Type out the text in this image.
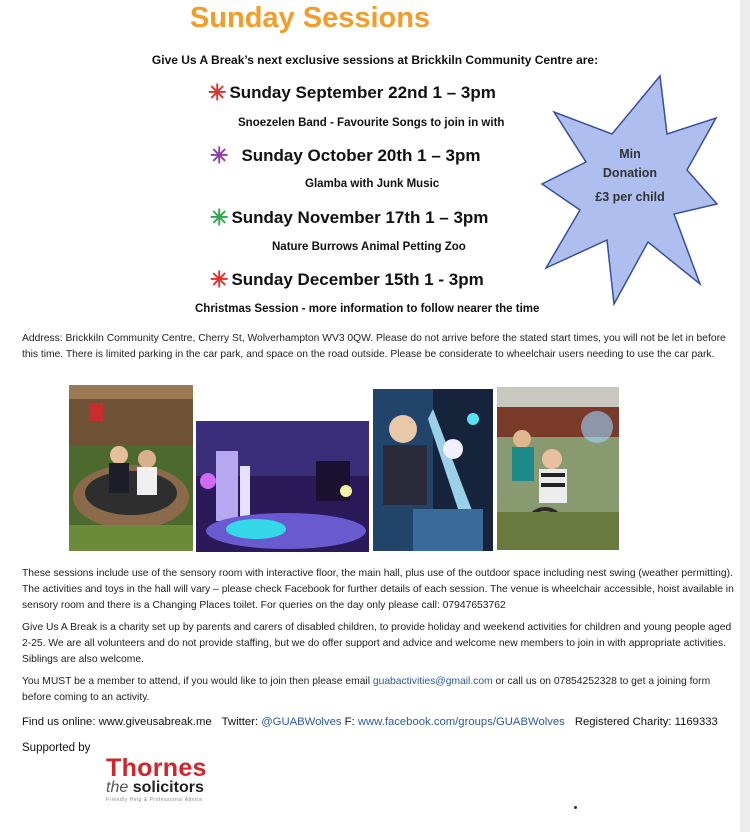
Sunday Sessions
Give Us A Break’s next exclusive sessions at Brickkiln Community Centre are:
✳ Sunday September 22nd 1 – 3pm
Snoezelen Band - Favourite Songs to join in with
✳ Sunday October 20th 1 – 3pm
Glamba with Junk Music
✳ Sunday November 17th 1 – 3pm
Nature Burrows Animal Petting Zoo
✳ Sunday December 15th 1 - 3pm
Christmas Session - more information to follow nearer the time
Min
Donation
£3 per child
Address: Brickkiln Community Centre, Cherry St, Wolverhampton WV3 0QW. Please do not arrive before the stated start times, you will not be let in before this time. There is limited parking in the car park, and space on the road outside. Please be considerate to wheelchair users needing to use the car park.
These sessions include use of the sensory room with interactive floor, the main hall, plus use of the outdoor space including nest swing (weather permitting). The activities and toys in the hall will vary – please check Facebook for further details of each session. The venue is wheelchair accessible, hoist available in sensory room and there is a Changing Places toilet. For queries on the day only please call: 07947653762
Give Us A Break is a charity set up by parents and carers of disabled children, to provide holiday and weekend activities for children and young people aged 2-25. We are all volunteers and do not provide staffing, but we do offer support and advice and welcome new members to join in with appropriate activities. Siblings are also welcome.
You MUST be a member to attend, if you would like to join then please email guabactivities@gmail.com or call us on 07854252328 to get a joining form before coming to an activity.
Find us online: www.giveusabreak.me Twitter: @GUABWolves F: www.facebook.com/groups/GUABWolves Registered Charity: 1169333
Supported by
Thornes
the solicitors
Friendly Help & Professional Advice
